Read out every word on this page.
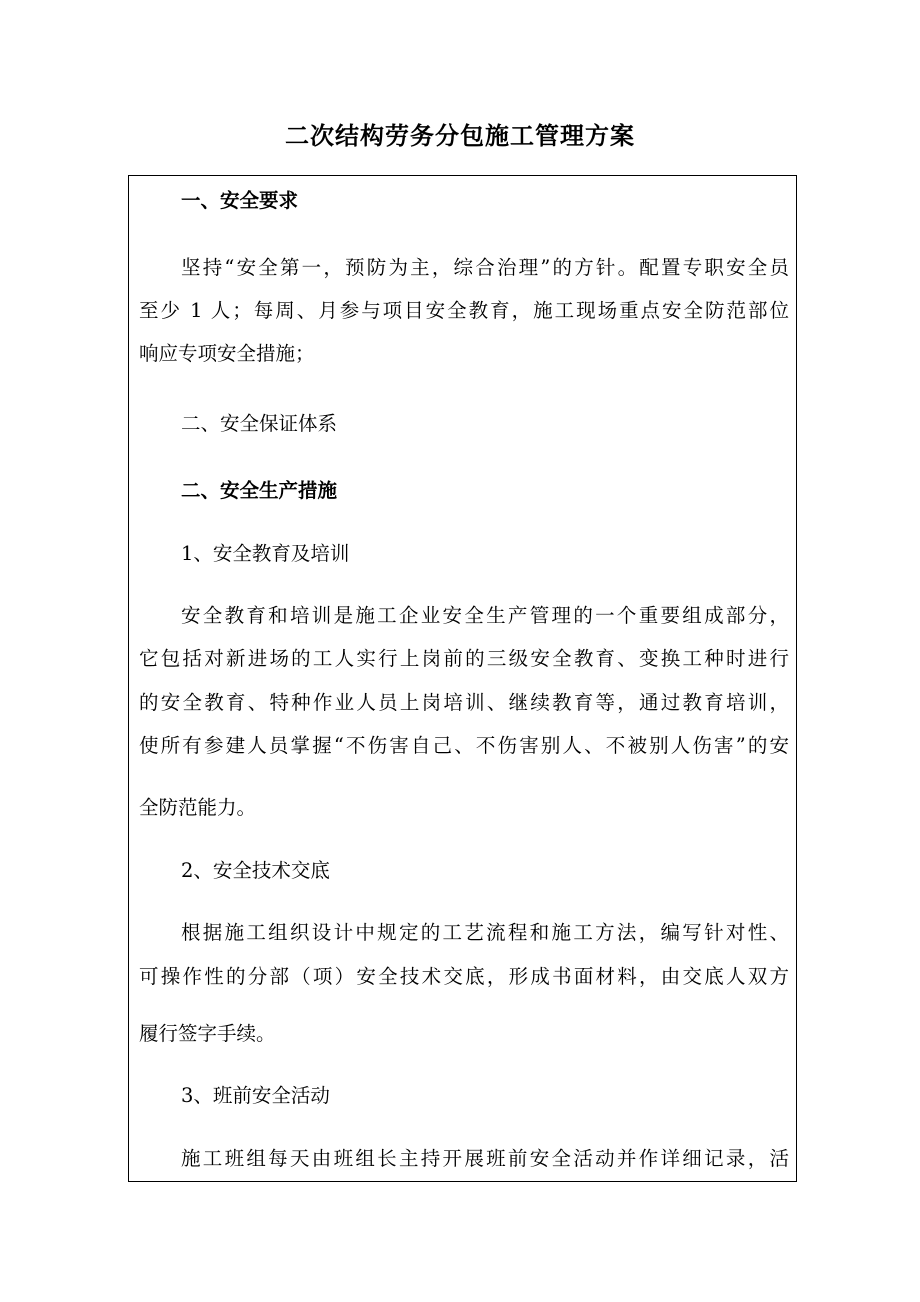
二次结构劳务分包施工管理方案
一、安全要求
坚持“安全第一，预防为主，综合治理”的方针。配置专职安全员
至少 1 人；每周、月参与项目安全教育，施工现场重点安全防范部位
响应专项安全措施；
二、安全保证体系
二、安全生产措施
1、安全教育及培训
安全教育和培训是施工企业安全生产管理的一个重要组成部分，
它包括对新进场的工人实行上岗前的三级安全教育、变换工种时进行
的安全教育、特种作业人员上岗培训、继续教育等，通过教育培训，
使所有参建人员掌握“不伤害自己、不伤害别人、不被别人伤害”的安
全防范能力。
2、安全技术交底
根据施工组织设计中规定的工艺流程和施工方法，编写针对性、
可操作性的分部（项）安全技术交底，形成书面材料，由交底人双方
履行签字手续。
3、班前安全活动
施工班组每天由班组长主持开展班前安全活动并作详细记录，活
